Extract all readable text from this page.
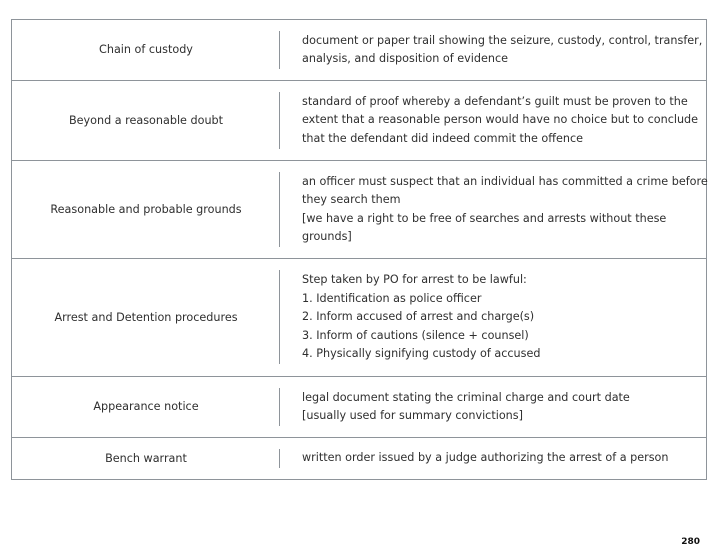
Chain of custody
document or paper trail showing the seizure, custody, control, transfer,
analysis, and disposition of evidence
Beyond a reasonable doubt
standard of proof whereby a defendant’s guilt must be proven to the
extent that a reasonable person would have no choice but to conclude
that the defendant did indeed commit the offence
Reasonable and probable grounds
an officer must suspect that an individual has committed a crime before
they search them
[we have a right to be free of searches and arrests without these
grounds]
Arrest and Detention procedures
Step taken by PO for arrest to be lawful:
1. Identification as police officer
2. Inform accused of arrest and charge(s)
3. Inform of cautions (silence + counsel)
4. Physically signifying custody of accused
Appearance notice
legal document stating the criminal charge and court date
[usually used for summary convictions]
Bench warrant	written order issued by a judge authorizing the arrest of a person
280
